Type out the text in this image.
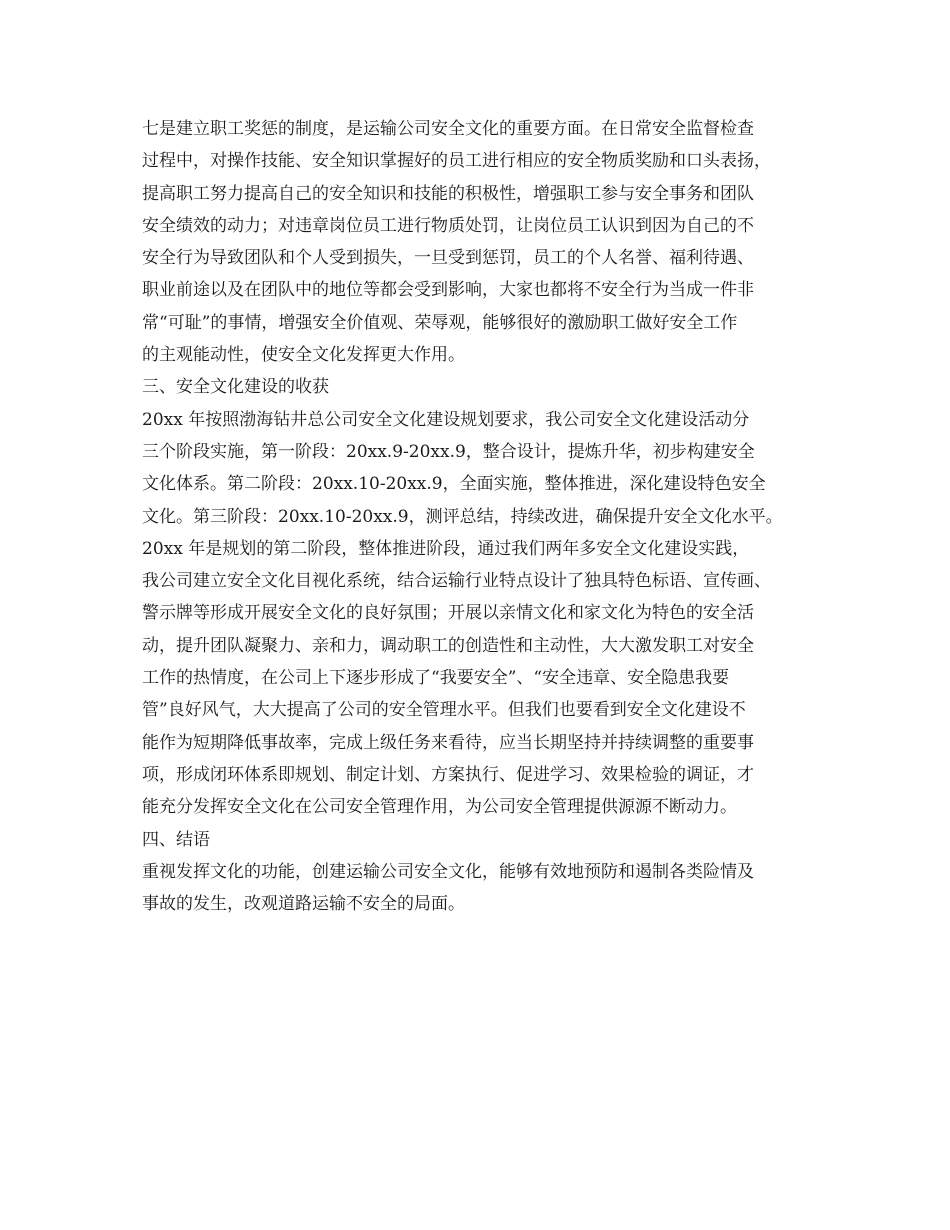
七是建立职工奖惩的制度，是运输公司安全文化的重要方面。在日常安全监督检查
过程中，对操作技能、安全知识掌握好的员工进行相应的安全物质奖励和口头表扬，
提高职工努力提高自己的安全知识和技能的积极性，增强职工参与安全事务和团队
安全绩效的动力；对违章岗位员工进行物质处罚，让岗位员工认识到因为自己的不
安全行为导致团队和个人受到损失，一旦受到惩罚，员工的个人名誉、福利待遇、
职业前途以及在团队中的地位等都会受到影响，大家也都将不安全行为当成一件非
常“可耻”的事情，增强安全价值观、荣辱观，能够很好的激励职工做好安全工作
的主观能动性，使安全文化发挥更大作用。
三、安全文化建设的收获
20xx 年按照渤海钻井总公司安全文化建设规划要求，我公司安全文化建设活动分
三个阶段实施，第一阶段：20xx.9-20xx.9，整合设计，提炼升华，初步构建安全
文化体系。第二阶段：20xx.10-20xx.9，全面实施，整体推进，深化建设特色安全
文化。第三阶段：20xx.10-20xx.9，测评总结，持续改进，确保提升安全文化水平。
20xx 年是规划的第二阶段，整体推进阶段，通过我们两年多安全文化建设实践，
我公司建立安全文化目视化系统，结合运输行业特点设计了独具特色标语、宣传画、
警示牌等形成开展安全文化的良好氛围；开展以亲情文化和家文化为特色的安全活
动，提升团队凝聚力、亲和力，调动职工的创造性和主动性，大大激发职工对安全
工作的热情度，在公司上下逐步形成了“我要安全”、“安全违章、安全隐患我要
管”良好风气，大大提高了公司的安全管理水平。但我们也要看到安全文化建设不
能作为短期降低事故率，完成上级任务来看待，应当长期坚持并持续调整的重要事
项，形成闭环体系即规划、制定计划、方案执行、促进学习、效果检验的调证，才
能充分发挥安全文化在公司安全管理作用，为公司安全管理提供源源不断动力。
四、结语
重视发挥文化的功能，创建运输公司安全文化，能够有效地预防和遏制各类险情及
事故的发生，改观道路运输不安全的局面。
